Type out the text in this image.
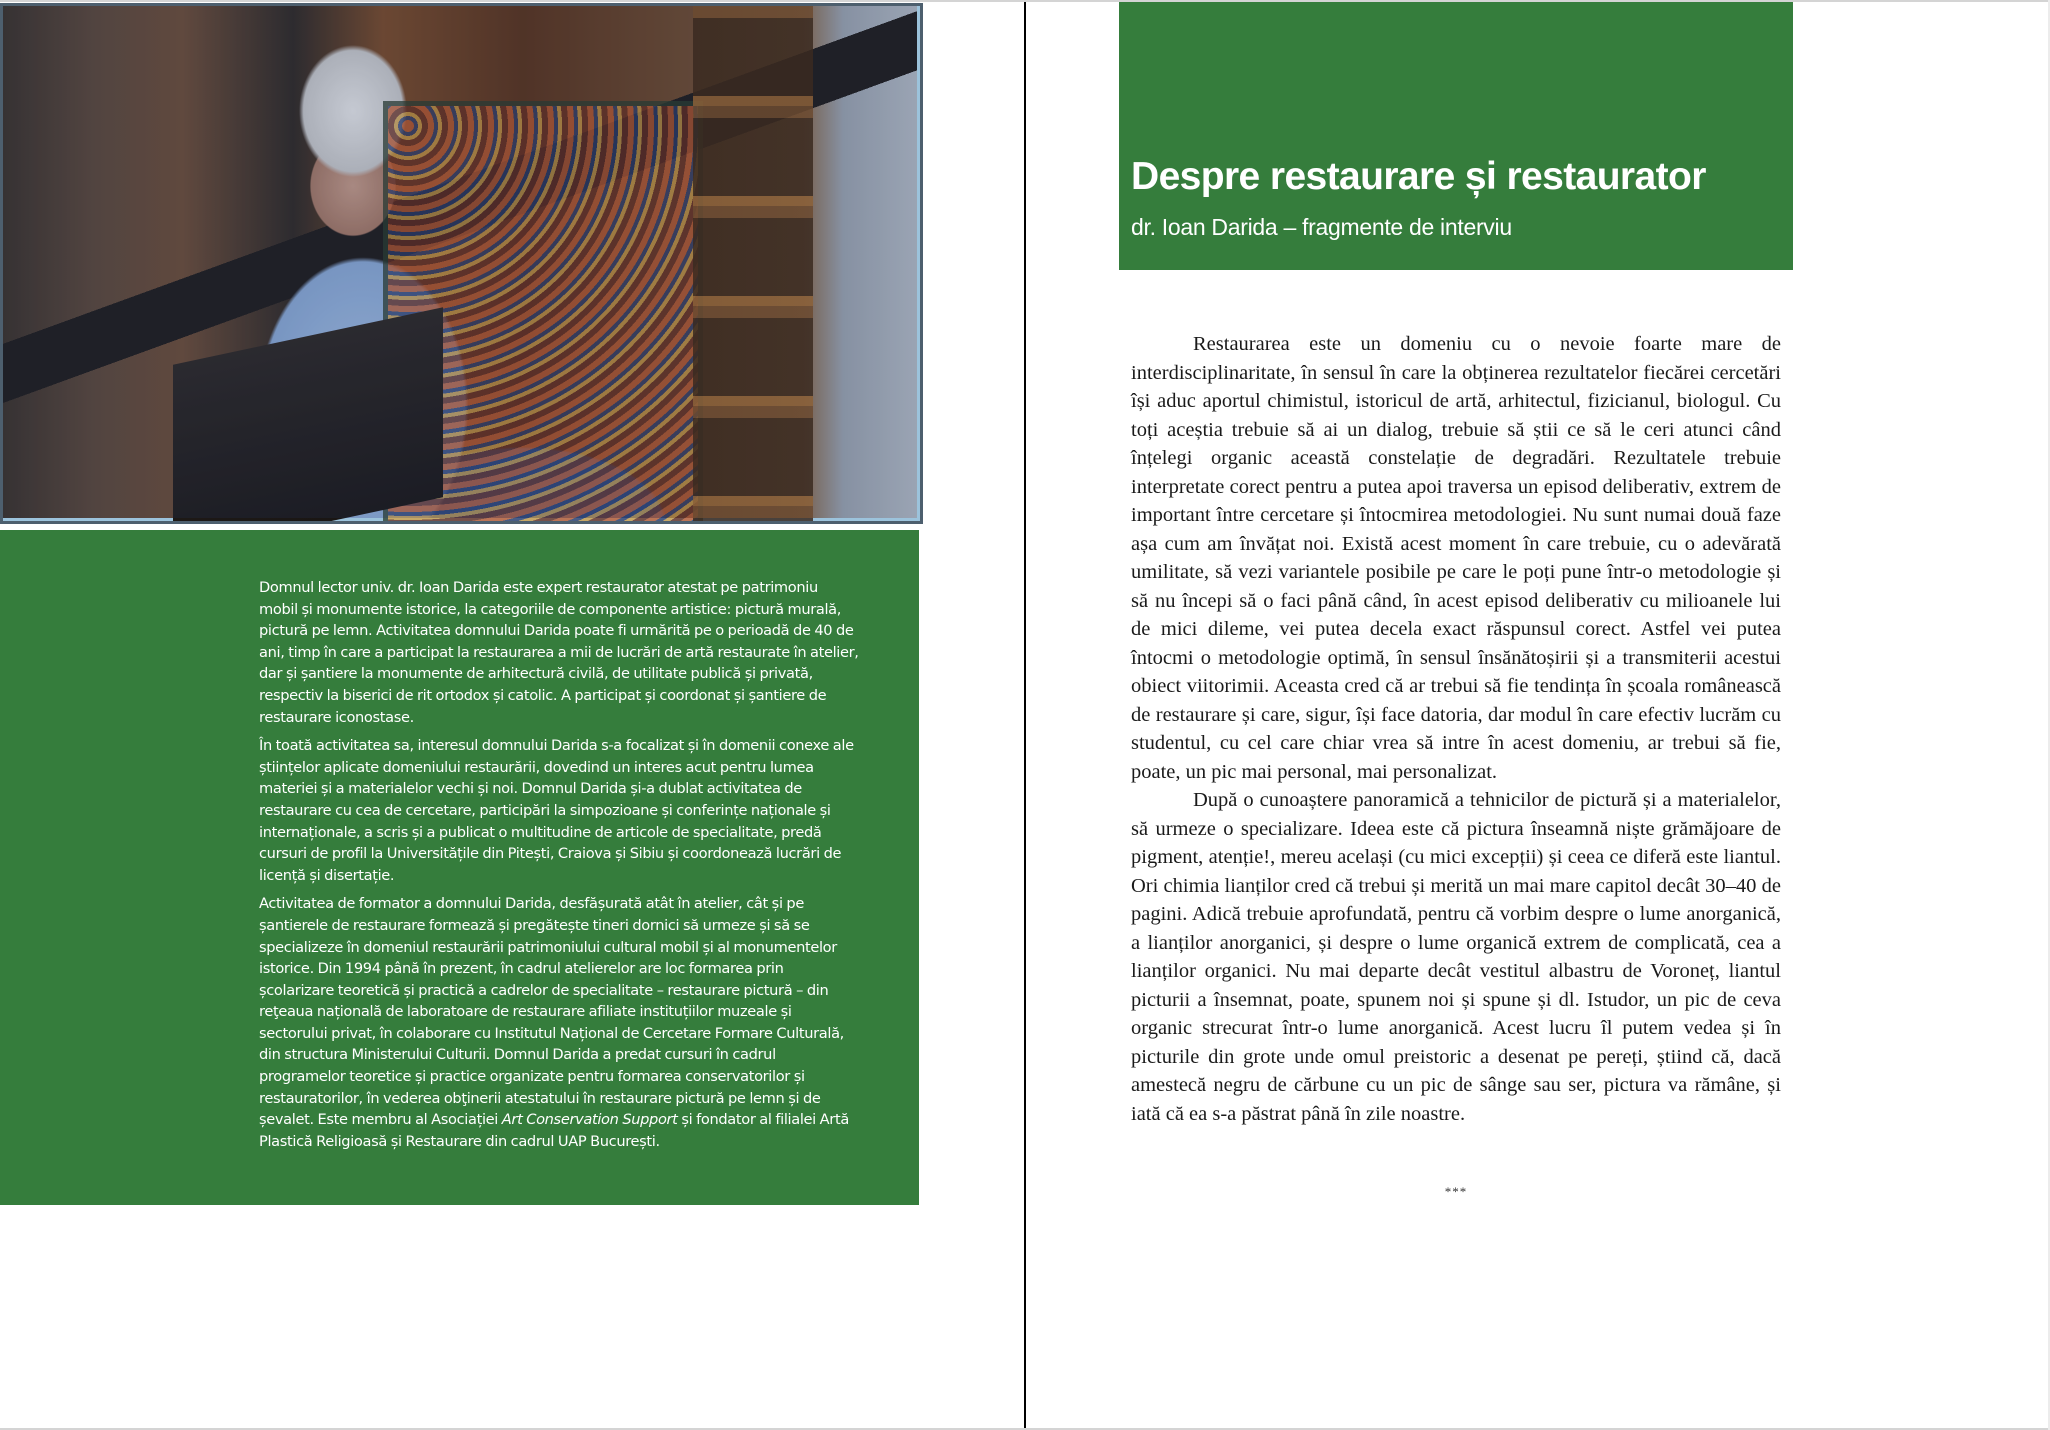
Domnul lector univ. dr. Ioan Darida este expert restaurator atestat pe patrimoniu mobil și monumente istorice, la categoriile de componente artistice: pictură murală, pictură pe lemn. Activitatea domnului Darida poate fi urmărită pe o perioadă de 40 de ani, timp în care a participat la restaurarea a mii de lucrări de artă restaurate în atelier, dar și șantiere la monumente de arhitectură civilă, de utilitate publică și privată, respectiv la biserici de rit ortodox și catolic. A participat și coordonat și șantiere de restaurare iconostase.

În toată activitatea sa, interesul domnului Darida s-a focalizat și în domenii conexe ale științelor aplicate domeniului restaurării, dovedind un interes acut pentru lumea materiei și a materialelor vechi și noi. Domnul Darida și-a dublat activitatea de restaurare cu cea de cercetare, participări la simpozioane și conferințe naționale și internaționale, a scris și a publicat o multitudine de articole de specialitate, predă cursuri de profil la Universitățile din Pitești, Craiova și Sibiu și coordonează lucrări de licență și disertație.

Activitatea de formator a domnului Darida, desfășurată atât în atelier, cât și pe șantierele de restaurare formează și pregătește tineri dornici să urmeze și să se specializeze în domeniul restaurării patrimoniului cultural mobil și al monumentelor istorice. Din 1994 până în prezent, în cadrul atelierelor are loc formarea prin școlarizare teoretică și practică a cadrelor de specialitate – restaurare pictură – din reţeaua națională de laboratoare de restaurare afiliate instituțiilor muzeale și sectorului privat, în colaborare cu Institutul Național de Cercetare Formare Culturală, din structura Ministerului Culturii. Domnul Darida a predat cursuri în cadrul programelor teoretice și practice organizate pentru formarea conservatorilor și restauratorilor, în vederea obţinerii atestatului în restaurare pictură pe lemn și de șevalet. Este membru al Asociației Art Conservation Support și fondator al filialei Artă Plastică Religioasă și Restaurare din cadrul UAP București.

Despre restaurare și restaurator

dr. Ioan Darida – fragmente de interviu

Restaurarea este un domeniu cu o nevoie foarte mare de interdisciplinaritate, în sensul în care la obținerea rezultatelor fiecărei cercetări își aduc aportul chimistul, istoricul de artă, arhitectul, fizicianul, biologul. Cu toți aceștia trebuie să ai un dialog, trebuie să știi ce să le ceri atunci când înțelegi organic această constelație de degradări. Rezultatele trebuie interpretate corect pentru a putea apoi traversa un episod deliberativ, extrem de important între cercetare și întocmirea metodologiei. Nu sunt numai două faze așa cum am învățat noi. Există acest moment în care trebuie, cu o adevărată umilitate, să vezi variantele posibile pe care le poți pune într-o metodologie și să nu începi să o faci până când, în acest episod deliberativ cu milioanele lui de mici dileme, vei putea decela exact răspunsul corect. Astfel vei putea întocmi o metodologie optimă, în sensul însănătoșirii și a transmiterii acestui obiect viitorimii. Aceasta cred că ar trebui să fie tendința în școala românească de restaurare și care, sigur, își face datoria, dar modul în care efectiv lucrăm cu studentul, cu cel care chiar vrea să intre în acest domeniu, ar trebui să fie, poate, un pic mai personal, mai personalizat.

După o cunoaștere panoramică a tehnicilor de pictură și a materialelor, să urmeze o specializare. Ideea este că pictura înseamnă niște grămăjoare de pigment, atenție!, mereu același (cu mici excepții) și ceea ce diferă este liantul. Ori chimia lianților cred că trebui și merită un mai mare capitol decât 30–40 de pagini. Adică trebuie aprofundată, pentru că vorbim despre o lume anorganică, a lianților anorganici, și despre o lume organică extrem de complicată, cea a lianților organici. Nu mai departe decât vestitul albastru de Voroneț, liantul picturii a însemnat, poate, spunem noi și spune și dl. Istudor, un pic de ceva organic strecurat într-o lume anorganică. Acest lucru îl putem vedea și în picturile din grote unde omul preistoric a desenat pe pereți, știind că, dacă amestecă negru de cărbune cu un pic de sânge sau ser, pictura va rămâne, și iată că ea s-a păstrat până în zile noastre.

***
